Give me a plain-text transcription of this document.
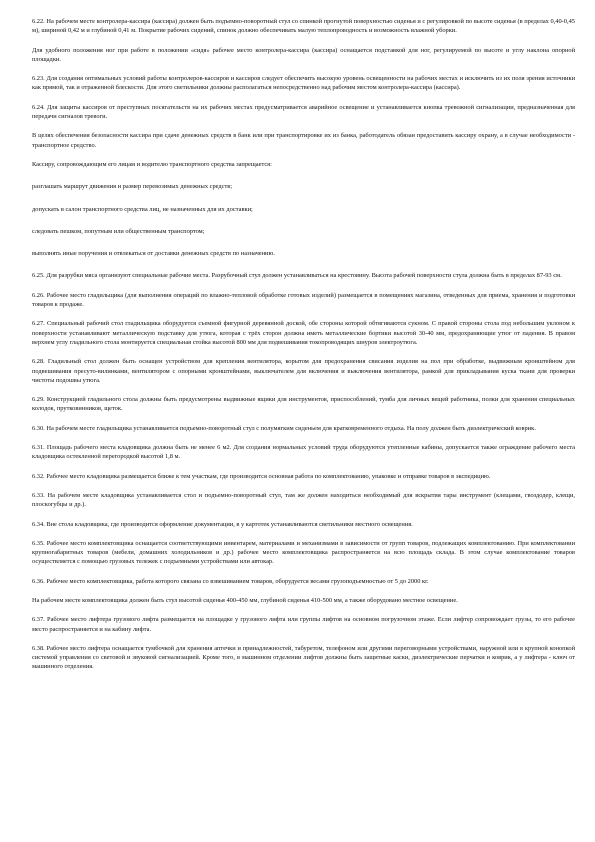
6.22. На рабочем месте контролера-кассира (кассира) должен быть подъемно-поворотный стул со спинкой прогнутой поверхностью сиденья и с регулировкой по высоте сиденья (в пределах 0,40-0,45 м), шириной 0,42 м и глубиной 0,41 м. Покрытие рабочих сидений, спинок должно обеспечивать малую теплопроводность и возможность влажной уборки.

Для удобного положения ног при работе в положении «сидя» рабочее место контролера-кассира (кассира) оснащается подставкой для ног, регулируемой по высоте и углу наклона опорной площадки.

6.23. Для создания оптимальных условий работы контролеров-кассиров и кассиров следует обеспечить высокую уровень освещенности на рабочих местах и исключить из их поля зрения источники как прямой, так и отраженной блескости. Для этого светильники должны располагаться непосредственно над рабочим местом контролера-кассира (кассира).

6.24. Для защиты кассиров от преступных посягательств на их рабочих местах предусматривается аварийное освещение и устанавливается кнопка тревожной сигнализации, предназначенная для передачи сигналов тревоги.

В целях обеспечения безопасности кассира при сдаче денежных средств в банк или при транспортировке их из банка, работодатель обязан предоставить кассиру охрану, а в случае необходимости - транспортное средство.

Кассиру, сопровождающим его лицам и водителю транспортного средства запрещается:

разглашать маршрут движения и размер перевозимых денежных средств;

допускать в салон транспортного средства лиц, не назначенных для их доставки;

следовать пешком, попутным или общественным транспортом;

выполнять иные поручения и отвлекаться от доставки денежных средств по назначению.

6.25. Для разрубки мяса организуют специальные рабочие места. Разрубочный стул должен устанавливаться на крестовину. Высота рабочей поверхности стула должна быть в пределах 87-93 см.

6.26. Рабочее место гладильщика (для выполнения операций по влажно-тепловой обработке готовых изделий) размещается в помещениях магазина, отведенных для приема, хранения и подготовки товаров к продаже.

6.27. Специальный рабочий стол гладильщика оборудуется съемной фигурной деревянной доской, обе стороны которой обтягиваются сукном. С правой стороны стола под небольшим уклоном к поверхности устанавливают металлическую подставку для утюга, которая с трёх сторон должна иметь металлические бортики высотой 30-40 мм, предохраняющие утюг от падения. В правом верхнем углу гладильного стола монтируется специальная стойка высотой 800 мм для подвешивания токопроводящих шнуров электроутюга.

6.28. Гладильный стол должен быть оснащен устройством для крепления вентилятора, корытом для предохранения свисания изделия на пол при обработке, выдвижным кронштейном для подвешивания пресуто-вилинками, вентилятором с опорными кронштейнами, выключателем для включения и выключения вентилятора, рамкой для прикладывания куска ткани для проверки чистоты подошвы утюга.

6.29. Конструкцией гладильного стола должны быть предусмотрены выдвижные ящики для инструментов, приспособлений, тумба для личных вещей работника, полки для хранения специальных колодок, прутковинников, щеток.

6.30. На рабочем месте гладильщика устанавливается подъемно-поворотный стул с полумягким сиденьем для кратковременного отдыха. На полу должен быть диэлектрический коврик.

6.31. Площадь рабочего места кладовщика должна быть не менее 6 м2. Для создания нормальных условий труда оборудуются утепленные кабины, допускается также ограждение рабочего места кладовщика остекленной перегородкой высотой 1,8 м.

6.32. Рабочее место кладовщика размещается ближе к тем участкам, где производится основная работа по комплектованию, упаковке и отправке товаров в экспедицию.

6.33. На рабочем месте кладовщика устанавливается стол и подъемно-поворотный стул, там же должен находиться необходимый для вскрытия тары инструмент (клещами, гвоздодер, клещи, плоскогубцы и др.).

6.34. Вне стола кладовщика, где производится оформление документации, в у картотек устанавливаются светильники местного освещения.

6.35. Рабочее место комплектовщика оснащается соответствующими инвентарем, материалами и механизмами в зависимости от групп товаров, подлежащих комплектованию. При комплектовании крупногабаритных товаров (мебели, домашних холодильников и др.) рабочее место комплектовщика распространяется на всю площадь склада. В этом случае комплектование товаров осуществляется с помощью грузовых тележек с подъемными устройствами или автокар.

6.36. Рабочее место комплектовщика, работа которого связана со взвешиванием товаров, оборудуется весами грузоподъемностью от 5 до 2000 кг.

На рабочем месте комплектовщика должен быть стул высотой сиденья 400-450 мм, глубиной сиденья 410-500 мм, а также оборудовано местное освещение.

6.37. Рабочее место лифтера грузового лифта размещается на площадке у грузового лифта или группы лифтов на основном погрузочном этаже. Если лифтер сопровождает грузы, то его рабочее место распространяется и на кабину лифта.

6.38. Рабочее место лифтера оснащается тумбочкой для хранения аптечки и принадлежностей, табуретом, телефоном или другими переговорными устройствами, наружной или в крупной конопкой системой управления со световой и звуковой сигнализацией. Кроме того, в машинном отделении лифтов должны быть защитные каски, диэлектрические перчатки и коврик, а у лифтера - ключ от машинного отделения.
